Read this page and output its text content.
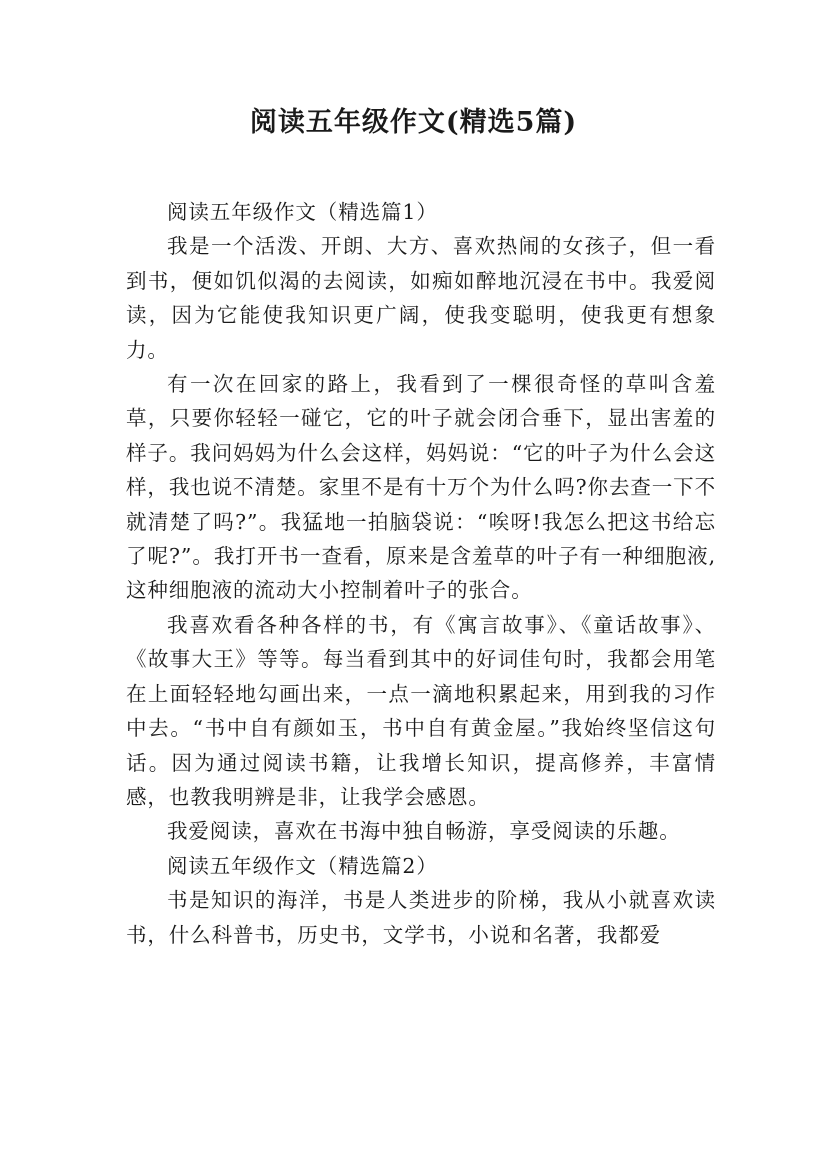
阅读五年级作文(精选5篇)

阅读五年级作文（精选篇1）

我是一个活泼、开朗、大方、喜欢热闹的女孩子，但一看到书，便如饥似渴的去阅读，如痴如醉地沉浸在书中。我爱阅读，因为它能使我知识更广阔，使我变聪明，使我更有想象力。

有一次在回家的路上，我看到了一棵很奇怪的草叫含羞草，只要你轻轻一碰它，它的叶子就会闭合垂下，显出害羞的样子。我问妈妈为什么会这样，妈妈说：“它的叶子为什么会这样，我也说不清楚。家里不是有十万个为什么吗?你去查一下不就清楚了吗?”。我猛地一拍脑袋说：“唉呀!我怎么把这书给忘了呢?”。我打开书一查看，原来是含羞草的叶子有一种细胞液,这种细胞液的流动大小控制着叶子的张合。

我喜欢看各种各样的书，有《寓言故事》、《童话故事》、《故事大王》等等。每当看到其中的好词佳句时，我都会用笔在上面轻轻地勾画出来，一点一滴地积累起来，用到我的习作中去。“书中自有颜如玉，书中自有黄金屋。”我始终坚信这句话。因为通过阅读书籍，让我增长知识，提高修养，丰富情感，也教我明辨是非，让我学会感恩。

我爱阅读，喜欢在书海中独自畅游，享受阅读的乐趣。

阅读五年级作文（精选篇2）

书是知识的海洋，书是人类进步的阶梯，我从小就喜欢读书，什么科普书，历史书，文学书，小说和名著，我都爱
